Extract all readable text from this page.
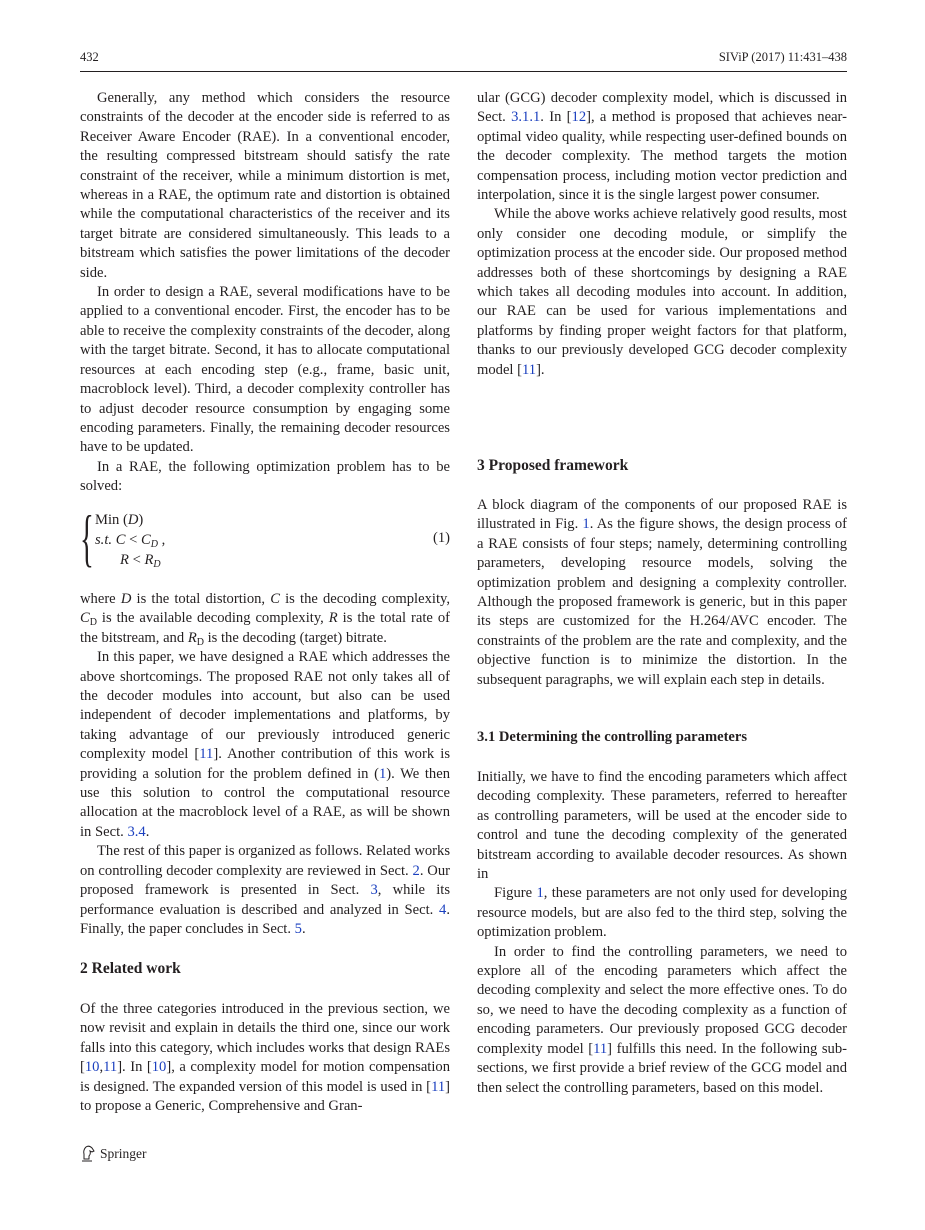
432	SIViP (2017) 11:431–438

Generally, any method which considers the resource constraints of the decoder at the encoder side is referred to as Receiver Aware Encoder (RAE). In a conventional encoder, the resulting compressed bitstream should satisfy the rate constraint of the receiver, while a minimum distortion is met, whereas in a RAE, the optimum rate and distortion is obtained while the computational characteristics of the receiver and its target bitrate are considered simultaneously. This leads to a bitstream which satisfies the power limitations of the decoder side.

In order to design a RAE, several modifications have to be applied to a conventional encoder. First, the encoder has to be able to receive the complexity constraints of the decoder, along with the target bitrate. Second, it has to allocate computational resources at each encoding step (e.g., frame, basic unit, macroblock level). Third, a decoder complexity controller has to adjust decoder resource consumption by engaging some encoding parameters. Finally, the remaining decoder resources have to be updated.

In a RAE, the following optimization problem has to be solved:

{ Min (D)
s.t. $C < C_D$ ,
$R < R_D$
(1)

where D is the total distortion, C is the decoding complexity, $C_D$ is the available decoding complexity, R is the total rate of the bitstream, and $R_D$ is the decoding (target) bitrate.

In this paper, we have designed a RAE which addresses the above shortcomings. The proposed RAE not only takes all of the decoder modules into account, but also can be used independent of decoder implementations and platforms, by taking advantage of our previously introduced generic complexity model [11]. Another contribution of this work is providing a solution for the problem defined in (1). We then use this solution to control the computational resource allocation at the macroblock level of a RAE, as will be shown in Sect. 3.4.

The rest of this paper is organized as follows. Related works on controlling decoder complexity are reviewed in Sect. 2. Our proposed framework is presented in Sect. 3, while its performance evaluation is described and analyzed in Sect. 4. Finally, the paper concludes in Sect. 5.

2 Related work

Of the three categories introduced in the previous section, we now revisit and explain in details the third one, since our work falls into this category, which includes works that design RAEs [10,11]. In [10], a complexity model for motion compensation is designed. The expanded version of this model is used in [11] to propose a Generic, Comprehensive and Gran-

ular (GCG) decoder complexity model, which is discussed in Sect. 3.1.1. In [12], a method is proposed that achieves near-optimal video quality, while respecting user-defined bounds on the decoder complexity. The method targets the motion compensation process, including motion vector prediction and interpolation, since it is the single largest power consumer.

While the above works achieve relatively good results, most only consider one decoding module, or simplify the optimization process at the encoder side. Our proposed method addresses both of these shortcomings by designing a RAE which takes all decoding modules into account. In addition, our RAE can be used for various implementations and platforms by finding proper weight factors for that platform, thanks to our previously developed GCG decoder complexity model [11].

3 Proposed framework

A block diagram of the components of our proposed RAE is illustrated in Fig. 1. As the figure shows, the design process of a RAE consists of four steps; namely, determining controlling parameters, developing resource models, solving the optimization problem and designing a complexity controller. Although the proposed framework is generic, but in this paper its steps are customized for the H.264/AVC encoder. The constraints of the problem are the rate and complexity, and the objective function is to minimize the distortion. In the subsequent paragraphs, we will explain each step in details.

3.1 Determining the controlling parameters

Initially, we have to find the encoding parameters which affect decoding complexity. These parameters, referred to hereafter as controlling parameters, will be used at the encoder side to control and tune the decoding complexity of the generated bitstream according to available decoder resources. As shown in

Figure 1, these parameters are not only used for developing resource models, but are also fed to the third step, solving the optimization problem.

In order to find the controlling parameters, we need to explore all of the encoding parameters which affect the decoding complexity and select the more effective ones. To do so, we need to have the decoding complexity as a function of encoding parameters. Our previously proposed GCG decoder complexity model [11] fulfills this need. In the following sub-sections, we first provide a brief review of the GCG model and then select the controlling parameters, based on this model.

Springer
